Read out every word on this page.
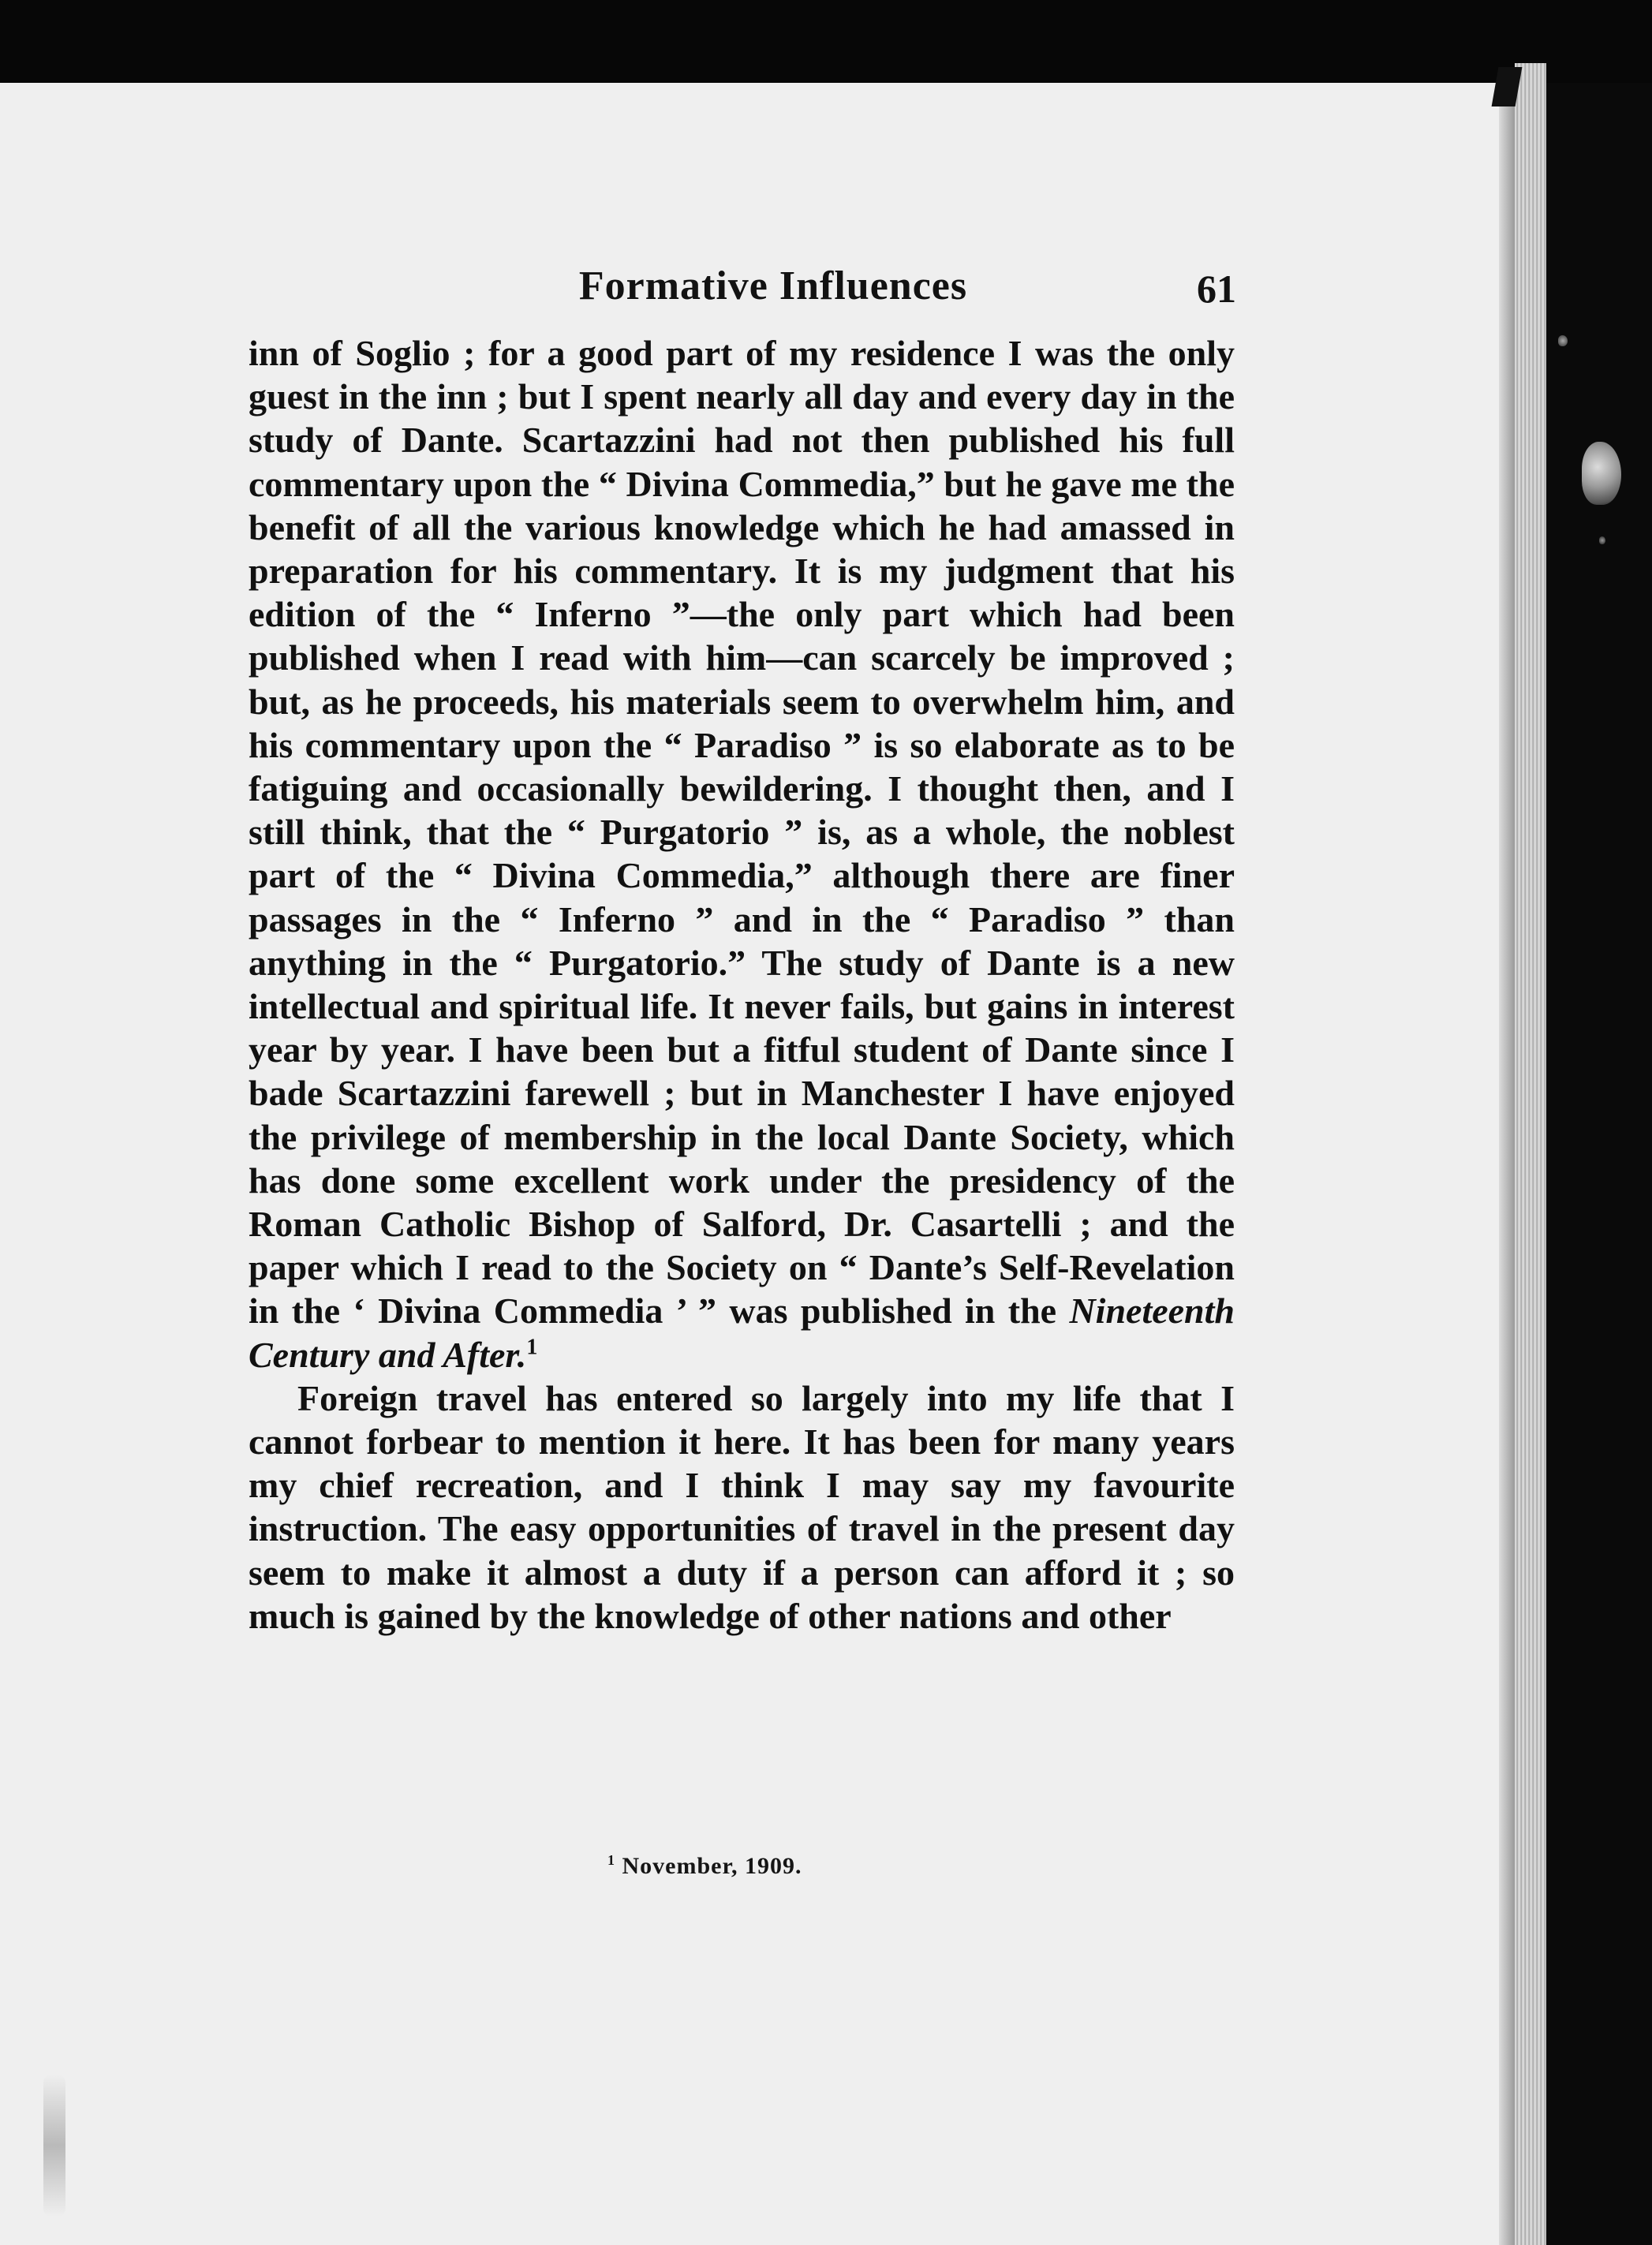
Formative Influences	61

inn of Soglio ; for a good part of my residence I was the only guest in the inn ; but I spent nearly all day and every day in the study of Dante. Scartazzini had not then published his full commentary upon the “ Divina Commedia,” but he gave me the benefit of all the various knowledge which he had amassed in preparation for his commentary. It is my judgment that his edition of the “ Inferno ”—the only part which had been published when I read with him—can scarcely be improved ; but, as he proceeds, his materials seem to overwhelm him, and his commentary upon the “ Paradiso ” is so elaborate as to be fatiguing and occasionally bewildering. I thought then, and I still think, that the “ Purgatorio ” is, as a whole, the noblest part of the “ Divina Commedia,” although there are finer passages in the “ Inferno ” and in the “ Paradiso ” than anything in the “ Purgatorio.” The study of Dante is a new intellectual and spiritual life. It never fails, but gains in interest year by year. I have been but a fitful student of Dante since I bade Scartazzini farewell ; but in Manchester I have enjoyed the privilege of membership in the local Dante Society, which has done some excellent work under the presidency of the Roman Catholic Bishop of Salford, Dr. Casartelli ; and the paper which I read to the Society on “ Dante’s Self-Revelation in the ‘ Divina Commedia ’ ” was published in the Nineteenth Century and After.$^1$

Foreign travel has entered so largely into my life that I cannot forbear to mention it here. It has been for many years my chief recreation, and I think I may say my favourite instruction. The easy opportunities of travel in the present day seem to make it almost a duty if a person can afford it ; so much is gained by the knowledge of other nations and other

$^1$ November, 1909.
